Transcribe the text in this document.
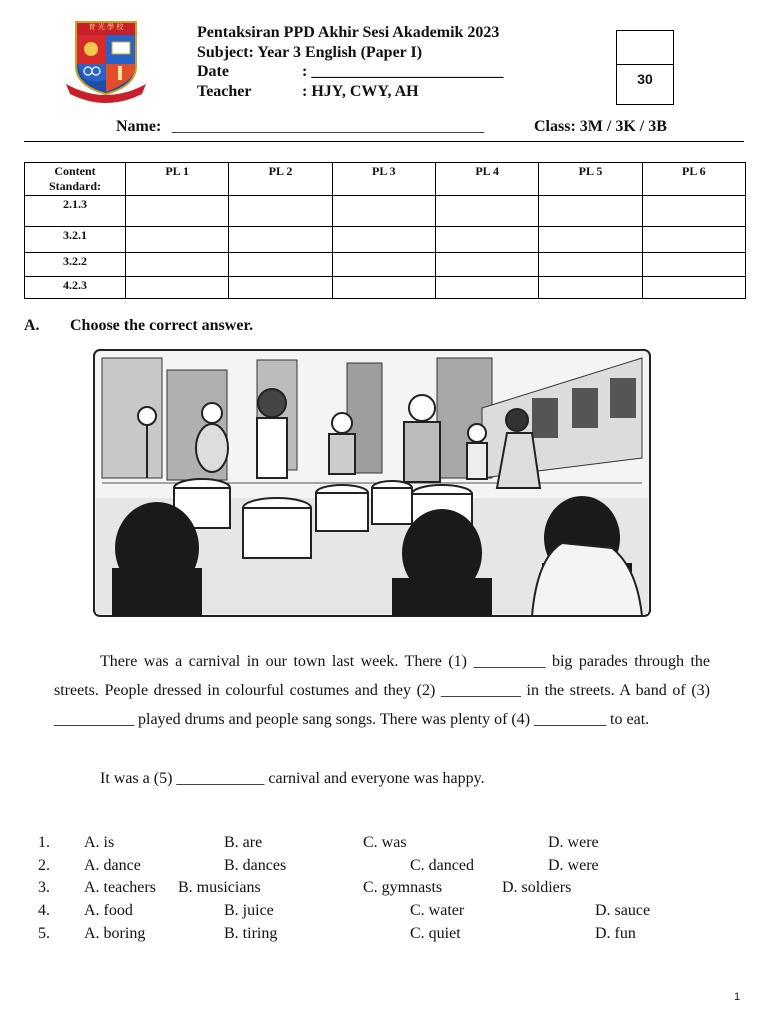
育 光 學 校	Pentaksiran PPD Akhir Sesi Akademik 2023
Subject: Year 3 English (Paper I)
Date	: ________________________
Teacher	: HJY, CWY, AH
30
Name: _______________________________________	Class: 3M / 3K / 3B
Content Standard:	PL 1	PL 2	PL 3	PL 4	PL 5	PL 6
2.1.3						
3.2.1						
3.2.2						
4.2.3						
A. Choose the correct answer.
There was a carnival in our town last week. There (1) _________ big parades through the streets. People dressed in colourful costumes and they (2) __________ in the streets. A band of (3) __________ played drums and people sang songs. There was plenty of (4) _________ to eat.
It was a (5) ___________ carnival and everyone was happy.
1. A. is	B. are	C. was	D. were
2. A. dance	B. dances	C. danced	D. were
3. A. teachers B. musicians	C. gymnasts	D. soldiers
4. A. food	B. juice	C. water	D. sauce
5. A. boring	B. tiring	C. quiet	D. fun
1
